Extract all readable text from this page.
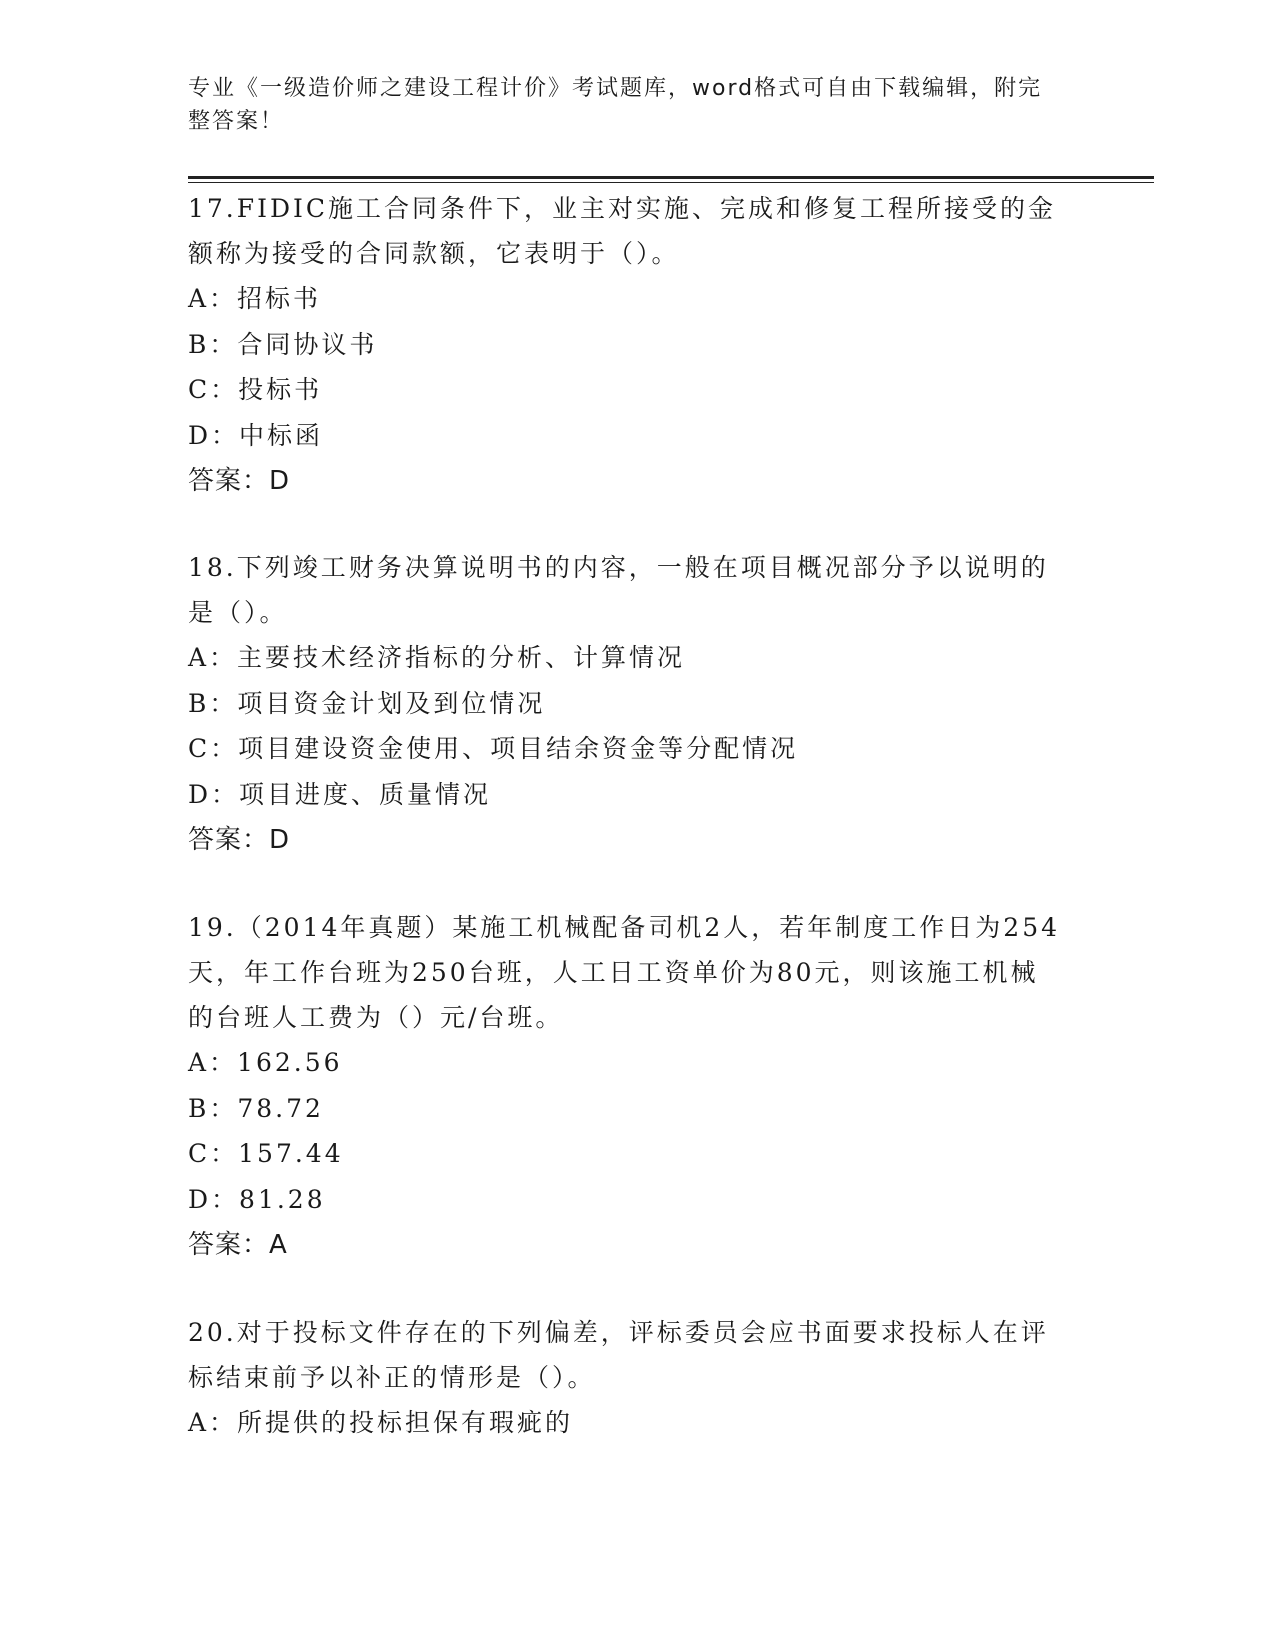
专业《一级造价师之建设工程计价》考试题库，word格式可自由下载编辑，附完
整答案！

17.FIDIC施工合同条件下，业主对实施、完成和修复工程所接受的金

额称为接受的合同款额，它表明于（）。

A：招标书

B：合同协议书

C：投标书

D：中标函

答案：D

18.下列竣工财务决算说明书的内容，一般在项目概况部分予以说明的

是（）。

A：主要技术经济指标的分析、计算情况

B：项目资金计划及到位情况

C：项目建设资金使用、项目结余资金等分配情况

D：项目进度、质量情况

答案：D

19.（2014年真题）某施工机械配备司机2人，若年制度工作日为254

天，年工作台班为250台班，人工日工资单价为80元，则该施工机械

的台班人工费为（）元/台班。

A：162.56

B：78.72

C：157.44

D：81.28

答案：A

20.对于投标文件存在的下列偏差，评标委员会应书面要求投标人在评

标结束前予以补正的情形是（）。

A：所提供的投标担保有瑕疵的
